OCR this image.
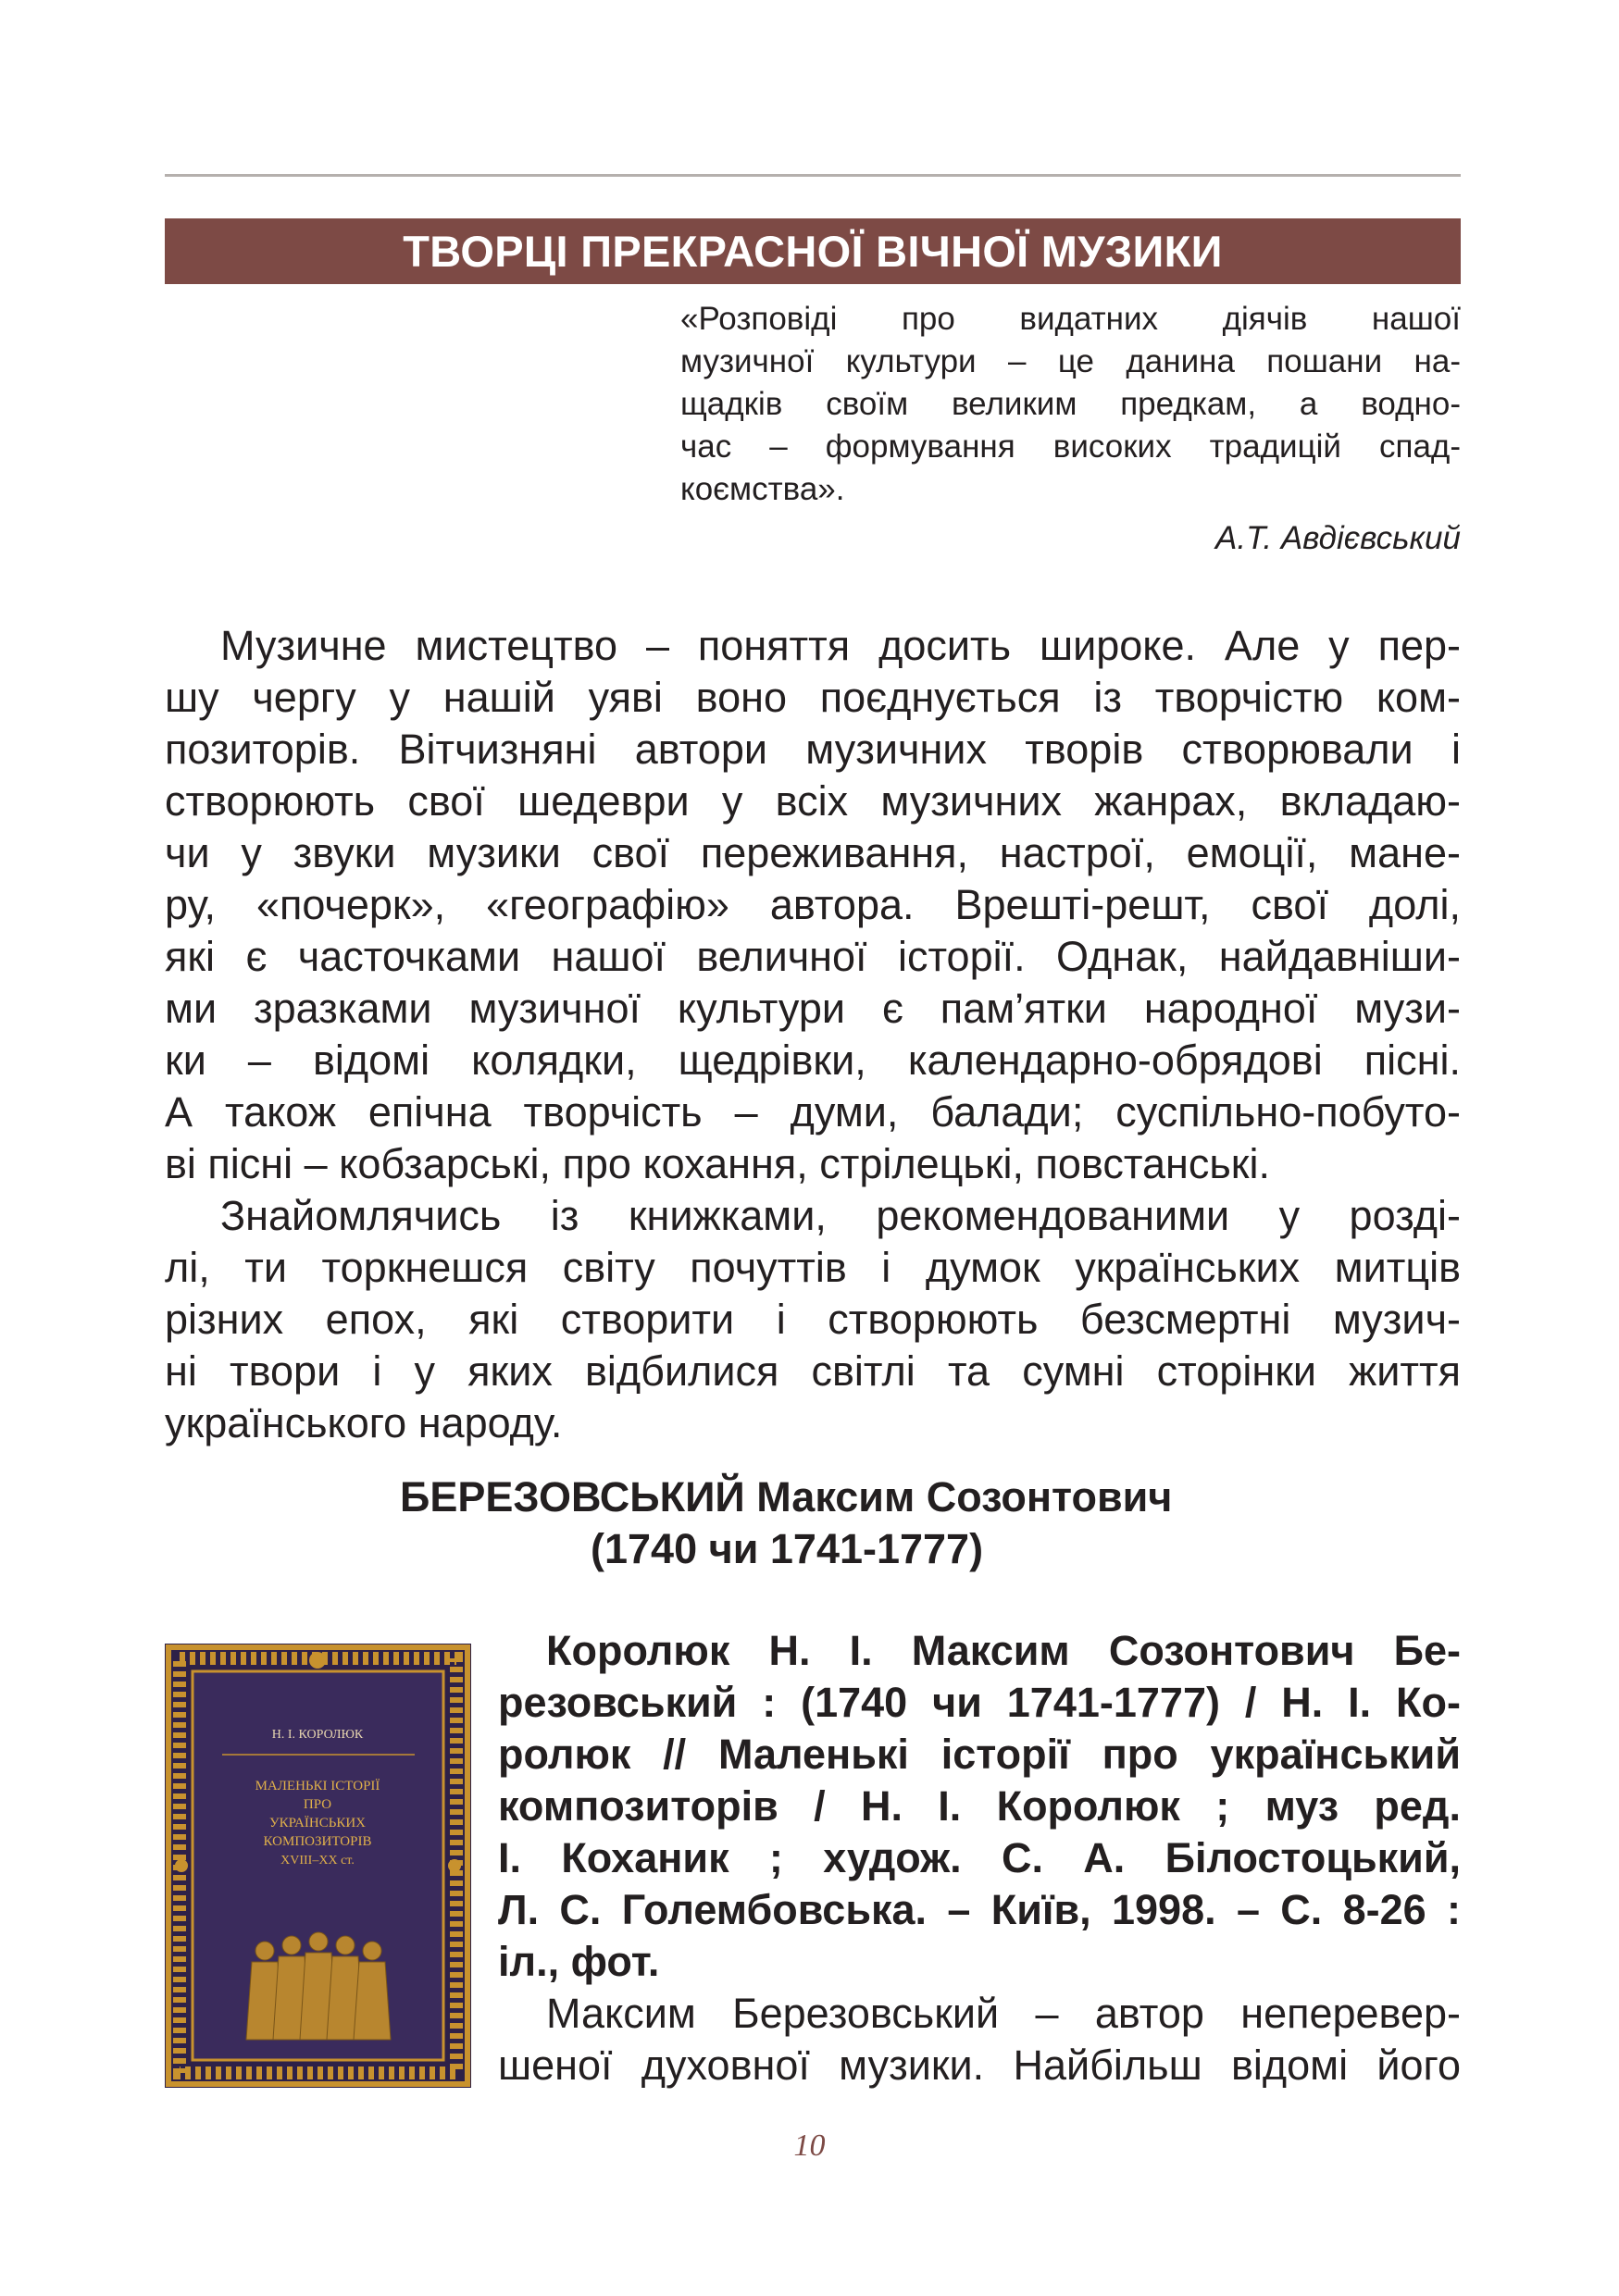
ТВОРЦІ ПРЕКРАСНОЇ ВІЧНОЇ МУЗИКИ
«Розповіді про видатних діячів нашої
музичної культури – це данина пошани на-
щадків своїм великим предкам, а водно-
час – формування високих традицій спад-
коємства».
А.Т. Авдієвський
Музичне мистецтво – поняття досить широке. Але у пер-
шу чергу у нашій уяві воно поєднується із творчістю ком-
позиторів. Вітчизняні автори музичних творів створювали і
створюють свої шедеври у всіх музичних жанрах, вкладаю-
чи у звуки музики свої переживання, настрої, емоції, мане-
ру, «почерк», «географію» автора. Врешті-решт, свої долі,
які є часточками нашої величної історії. Однак, найдавніши-
ми зразками музичної культури є пам’ятки народної музи-
ки – відомі колядки, щедрівки, календарно-обрядові пісні.
А також епічна творчість – думи, балади; суспільно-побуто-
ві пісні – кобзарські, про кохання, стрілецькі, повстанські.
Знайомлячись із книжками, рекомендованими у розді-
лі, ти торкнешся світу почуттів і думок українських митців
різних епох, які створити і створюють безсмертні музич-
ні твори і у яких відбилися світлі та сумні сторінки життя
українського народу.
БЕРЕЗОВСЬКИЙ Максим Созонтович
(1740 чи 1741-1777)
Н. І. КОРОЛЮК
МАЛЕНЬКІ ІСТОРІЇ
ПРО
УКРАЇНСЬКИХ
КОМПОЗИТОРІВ
XVIII–XX ст.
Королюк Н. І. Максим Созонтович Бе-
резовський : (1740 чи 1741-1777) / Н. І. Ко-
ролюк // Маленькі історії про український
композиторів / Н. І. Королюк ; муз ред.
І. Коханик ; худож. С. А. Білостоцький,
Л. С. Голембовська. – Київ, 1998. – С. 8-26 :
іл., фот.
Максим Березовський – автор неперевер-
шеної духовної музики. Найбільш відомі його
10
